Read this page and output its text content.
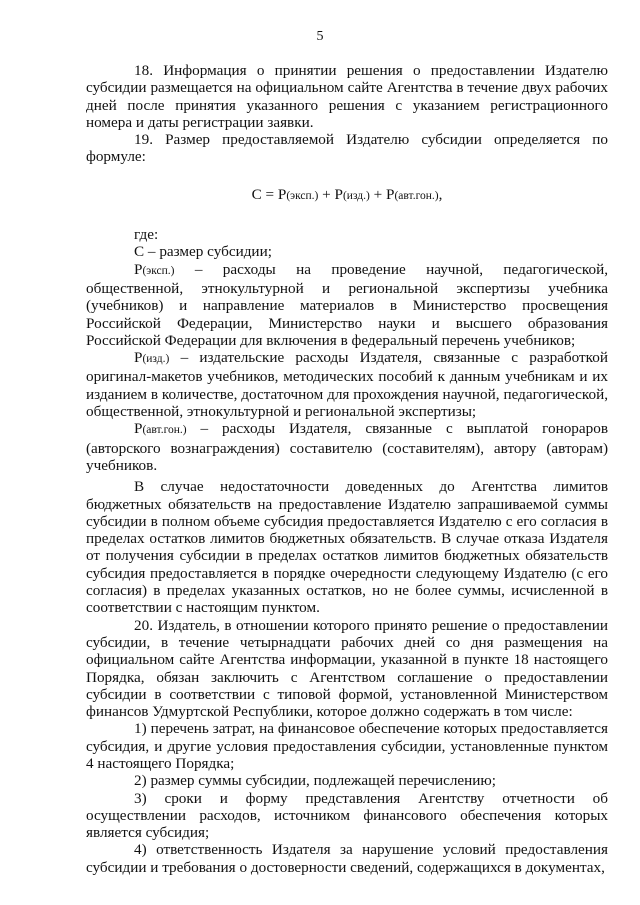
5

18. Информация о принятии решения о предоставлении Издателю субсидии размещается на официальном сайте Агентства в течение двух рабочих дней после принятия указанного решения с указанием регистрационного номера и даты регистрации заявки.

19. Размер предоставляемой Издателю субсидии определяется по формуле:

С = Р(эксп.) + Р(изд.) + Р(авт.гон.),

где:

С – размер субсидии;

Р(эксп.) – расходы на проведение научной, педагогической, общественной, этнокультурной и региональной экспертизы учебника (учебников) и направление материалов в Министерство просвещения Российской Федерации, Министерство науки и высшего образования Российской Федерации для включения в федеральный перечень учебников;

Р(изд.) – издательские расходы Издателя, связанные с разработкой оригинал-макетов учебников, методических пособий к данным учебникам и их изданием в количестве, достаточном для прохождения научной, педагогической, общественной, этнокультурной и региональной экспертизы;

Р(авт.гон.) – расходы Издателя, связанные с выплатой гонораров (авторского вознаграждения) составителю (составителям), автору (авторам) учебников.

В случае недостаточности доведенных до Агентства лимитов бюджетных обязательств на предоставление Издателю запрашиваемой суммы субсидии в полном объеме субсидия предоставляется Издателю с его согласия в пределах остатков лимитов бюджетных обязательств. В случае отказа Издателя от получения субсидии в пределах остатков лимитов бюджетных обязательств субсидия предоставляется в порядке очередности следующему Издателю (с его согласия) в пределах указанных остатков, но не более суммы, исчисленной в соответствии с настоящим пунктом.

20. Издатель, в отношении которого принято решение о предоставлении субсидии, в течение четырнадцати рабочих дней со дня размещения на официальном сайте Агентства информации, указанной в пункте 18 настоящего Порядка, обязан заключить с Агентством соглашение о предоставлении субсидии в соответствии с типовой формой, установленной Министерством финансов Удмуртской Республики, которое должно содержать в том числе:

1) перечень затрат, на финансовое обеспечение которых предоставляется субсидия, и другие условия предоставления субсидии, установленные пунктом 4 настоящего Порядка;

2) размер суммы субсидии, подлежащей перечислению;

3) сроки и форму представления Агентству отчетности об осуществлении расходов, источником финансового обеспечения которых является субсидия;

4) ответственность Издателя за нарушение условий предоставления субсидии и требования о достоверности сведений, содержащихся в документах,
